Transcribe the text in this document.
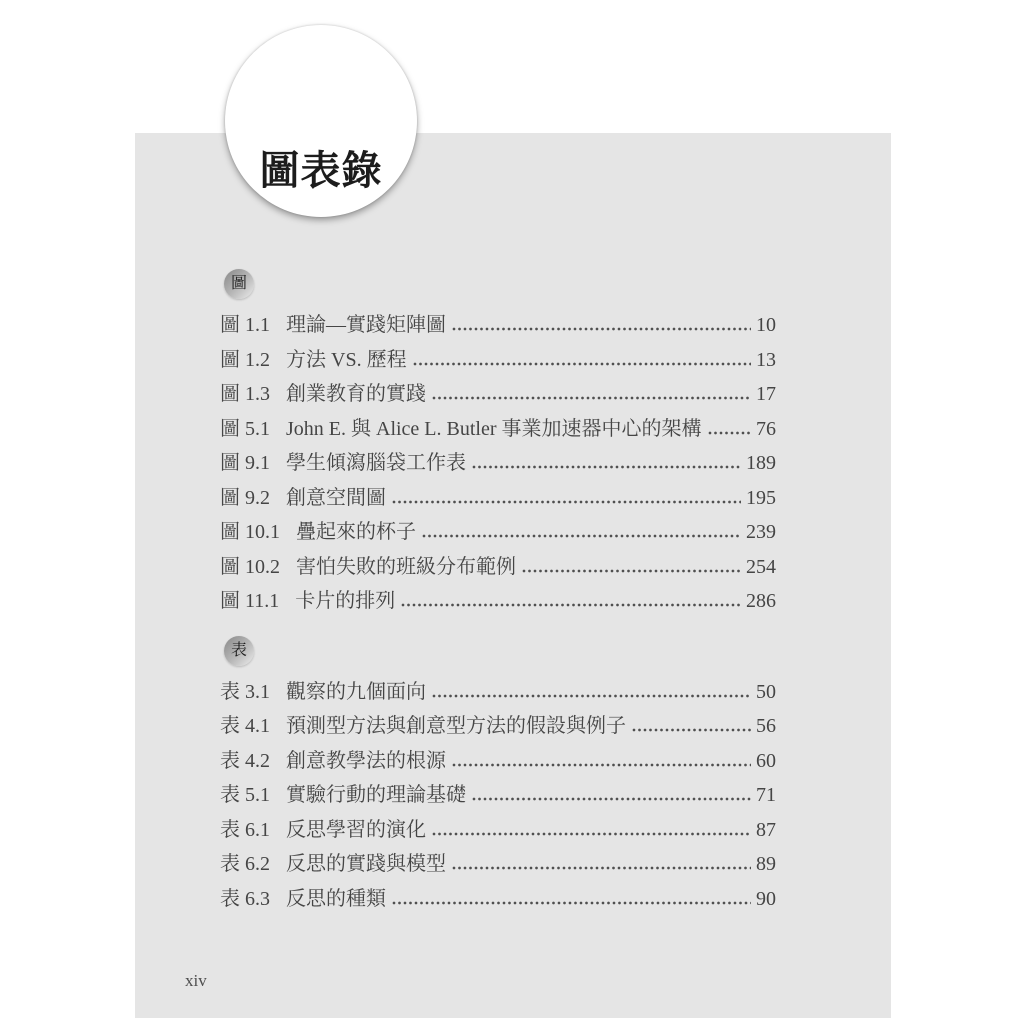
圖表錄
圖
圖 1.1 理論—實踐矩陣圖	10
圖 1.2 方法 VS. 歷程	13
圖 1.3 創業教育的實踐	17
圖 5.1 John E. 與 Alice L. Butler 事業加速器中心的架構	76
圖 9.1 學生傾瀉腦袋工作表	189
圖 9.2 創意空間圖	195
圖 10.1 疊起來的杯子	239
圖 10.2 害怕失敗的班級分布範例	254
圖 11.1 卡片的排列	286
表
表 3.1 觀察的九個面向	50
表 4.1 預測型方法與創意型方法的假設與例子	56
表 4.2 創意教學法的根源	60
表 5.1 實驗行動的理論基礎	71
表 6.1 反思學習的演化	87
表 6.2 反思的實踐與模型	89
表 6.3 反思的種類	90
xiv
